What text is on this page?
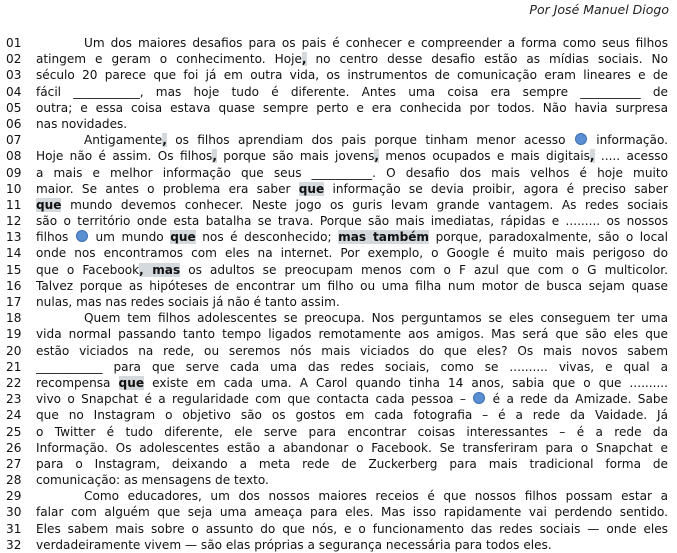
Por José Manuel Diogo
01	Um dos maiores desafios para os pais é conhecer e compreender a forma como seus filhos
02	atingem e geram o conhecimento. Hoje, no centro desse desafio estão as mídias sociais. No
03	século 20 parece que foi já em outra vida, os instrumentos de comunicação eram lineares e de
04	fácil ___________, mas hoje tudo é diferente. Antes uma coisa era sempre __________ de
05	outra; e essa coisa estava quase sempre perto e era conhecida por todos. Não havia surpresa
06	nas novidades.
07	Antigamente, os filhos aprendiam dos pais porque tinham menor acesso  informação.
08	Hoje não é assim. Os filhos, porque são mais jovens, menos ocupados e mais digitais, ..... acesso
09	a mais e melhor informação que seus __________. O desafio dos mais velhos é hoje muito
10	maior. Se antes o problema era saber que informação se devia proibir, agora é preciso saber
11	que mundo devemos conhecer. Neste jogo os guris levam grande vantagem. As redes sociais
12	são o território onde esta batalha se trava. Porque são mais imediatas, rápidas e ......... os nossos
13	filhos  um mundo que nos é desconhecido; mas também porque, paradoxalmente, são o local
14	onde nos encontramos com eles na internet. Por exemplo, o Google é muito mais perigoso do
15	que o Facebook, mas os adultos se preocupam menos com o F azul que com o G multicolor.
16	Talvez porque as hipóteses de encontrar um filho ou uma filha num motor de busca sejam quase
17	nulas, mas nas redes sociais já não é tanto assim.
18	Quem tem filhos adolescentes se preocupa. Nos perguntamos se eles conseguem ter uma
19	vida normal passando tanto tempo ligados remotamente aos amigos. Mas será que são eles que
20	estão viciados na rede, ou seremos nós mais viciados do que eles? Os mais novos sabem
21	___________ para que serve cada uma das redes sociais, como se .......... vivas, e qual a
22	recompensa que existe em cada uma. A Carol quando tinha 14 anos, sabia que o que ..........
23	vivo o Snapchat é a regularidade com que contacta cada pessoa –  é a rede da Amizade. Sabe
24	que no Instagram o objetivo são os gostos em cada fotografia – é a rede da Vaidade. Já
25	o Twitter é tudo diferente, ele serve para encontrar coisas interessantes – é a rede da
26	Informação. Os adolescentes estão a abandonar o Facebook. Se transferiram para o Snapchat e
27	para o Instagram, deixando a meta rede de Zuckerberg para mais tradicional forma de
28	comunicação: as mensagens de texto.
29	Como educadores, um dos nossos maiores receios é que nossos filhos possam estar a
30	falar com alguém que seja uma ameaça para eles. Mas isso rapidamente vai perdendo sentido.
31	Eles sabem mais sobre o assunto do que nós, e o funcionamento das redes sociais — onde eles
32	verdadeiramente vivem — são elas próprias a segurança necessária para todos eles.
